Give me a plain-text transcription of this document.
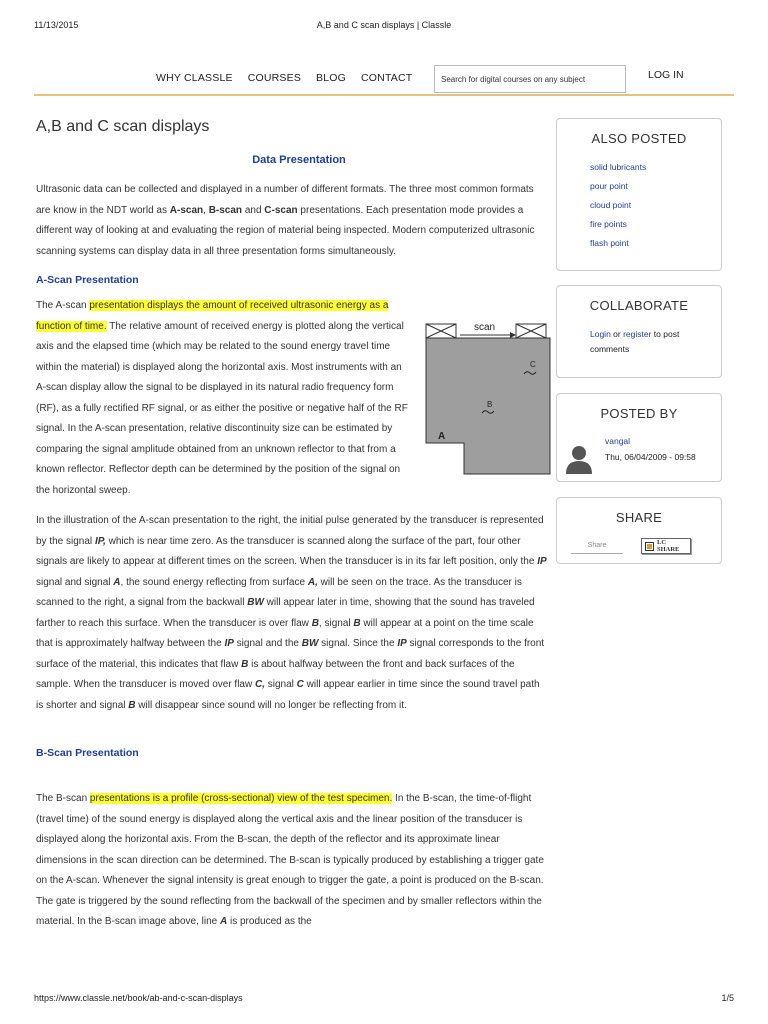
11/13/2015	A,B and C scan displays | Classle
WHY CLASSLE COURSES BLOG CONTACT	Search for digital courses on any subject	LOG IN
A,B and C scan displays
Data Presentation

Ultrasonic data can be collected and displayed in a number of different formats. The three most common formats are know in the NDT world as A-scan, B-scan and C-scan presentations. Each presentation mode provides a different way of looking at and evaluating the region of material being inspected. Modern computerized ultrasonic scanning systems can display data in all three presentation forms simultaneously.

A-Scan Presentation

The A-scan presentation displays the amount of received ultrasonic energy as a function of time. The relative amount of received energy is plotted along the vertical axis and the elapsed time (which may be related to the sound energy travel time within the material) is displayed along the horizontal axis. Most instruments with an A-scan display allow the signal to be displayed in its natural radio frequency form (RF), as a fully rectified RF signal, or as either the positive or negative half of the RF signal. In the A-scan presentation, relative discontinuity size can be estimated by comparing the signal amplitude obtained from an unknown reflector to that from a known reflector. Reflector depth can be determined by the position of the signal on the horizontal sweep.

In the illustration of the A-scan presentation to the right, the initial pulse generated by the transducer is represented by the signal IP, which is near time zero. As the transducer is scanned along the surface of the part, four other signals are likely to appear at different times on the screen. When the transducer is in its far left position, only the IP signal and signal A, the sound energy reflecting from surface A, will be seen on the trace. As the transducer is scanned to the right, a signal from the backwall BW will appear later in time, showing that the sound has traveled farther to reach this surface. When the transducer is over flaw B, signal B will appear at a point on the time scale that is approximately halfway between the IP signal and the BW signal. Since the IP signal corresponds to the front surface of the material, this indicates that flaw B is about halfway between the front and back surfaces of the sample. When the transducer is moved over flaw C, signal C will appear earlier in time since the sound travel path is shorter and signal B will disappear since sound will no longer be reflecting from it.

B-Scan Presentation

The B-scan presentations is a profile (cross-sectional) view of the test specimen. In the B-scan, the time-of-flight (travel time) of the sound energy is displayed along the vertical axis and the linear position of the transducer is displayed along the horizontal axis. From the B-scan, the depth of the reflector and its approximate linear dimensions in the scan direction can be determined. The B-scan is typically produced by establishing a trigger gate on the A-scan. Whenever the signal intensity is great enough to trigger the gate, a point is produced on the B-scan. The gate is triggered by the sound reflecting from the backwall of the specimen and by smaller reflectors within the material. In the B-scan image above, line A is produced as the

scan
A
B
C
ALSO POSTED
solid lubricants
pour point
cloud point
fire points
flash point
COLLABORATE
Login or register to post comments
POSTED BY
vangal
Thu, 06/04/2009 - 09:58
SHARE
Share	LC SHARE
https://www.classle.net/book/ab-and-c-scan-displays	1/5
